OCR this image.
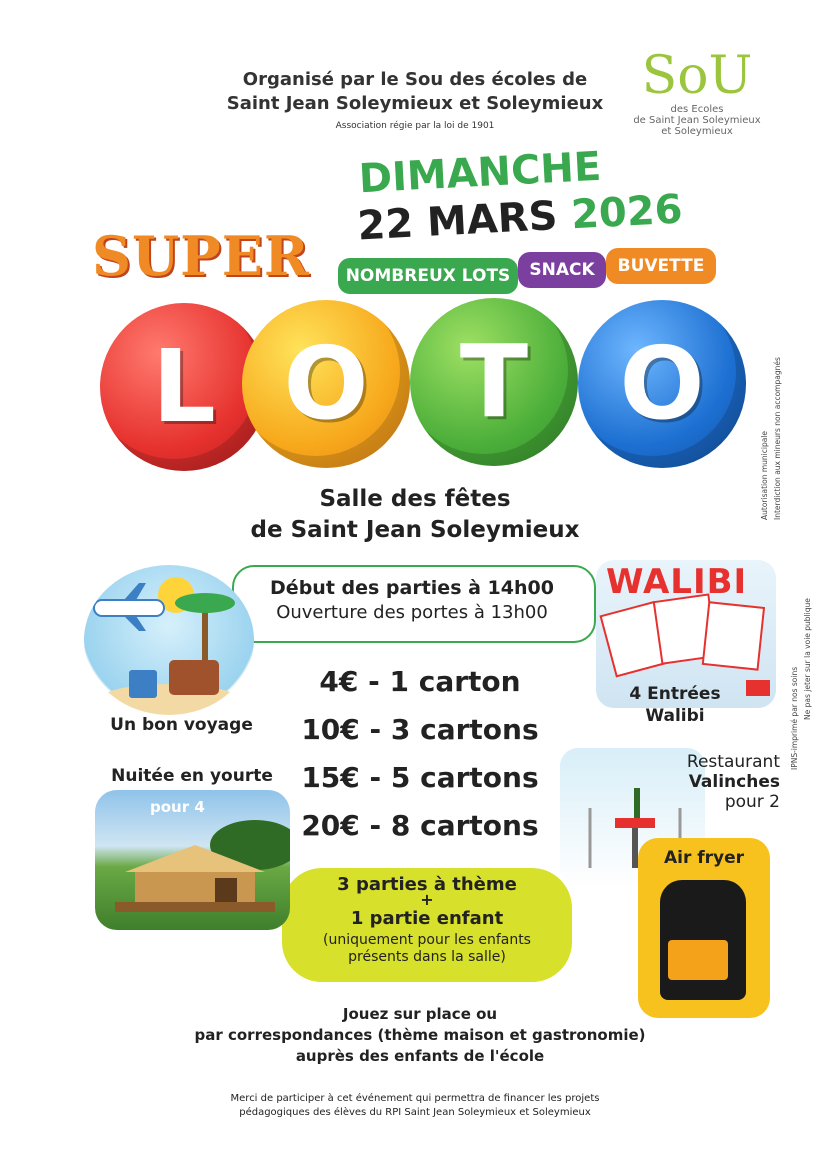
Organisé par le Sou des écoles de
Saint Jean Soleymieux et Soleymieux
Association régie par la loi de 1901
SoU
des Ecoles
de Saint Jean Soleymieux
et Soleymieux
Autorisation municipale Interdiction aux mineurs non accompagnés
IPNS-imprimé par nos soins Ne pas jeter sur la voie publique
DIMANCHE
22 MARS 2026
SUPER	NOMBREUX LOTS	SNACK	BUVETTE
L O T O
Salle des fêtes
de Saint Jean Soleymieux
Début des parties à 14h00
Ouverture des portes à 13h00
4€ - 1 carton
10€ - 3 cartons
15€ - 5 cartons
20€ - 8 cartons
3 parties à thème
+
1 partie enfant
(uniquement pour les enfants
présents dans la salle)
Un bon voyage
Nuitée en yourte
pour 4
WALIBI
4 Entrées
Walibi
Restaurant
Valinches
pour 2
Air fryer
Jouez sur place ou
par correspondances (thème maison et gastronomie)
auprès des enfants de l'école
Merci de participer à cet événement qui permettra de financer les projets
pédagogiques des élèves du RPI Saint Jean Soleymieux et Soleymieux
